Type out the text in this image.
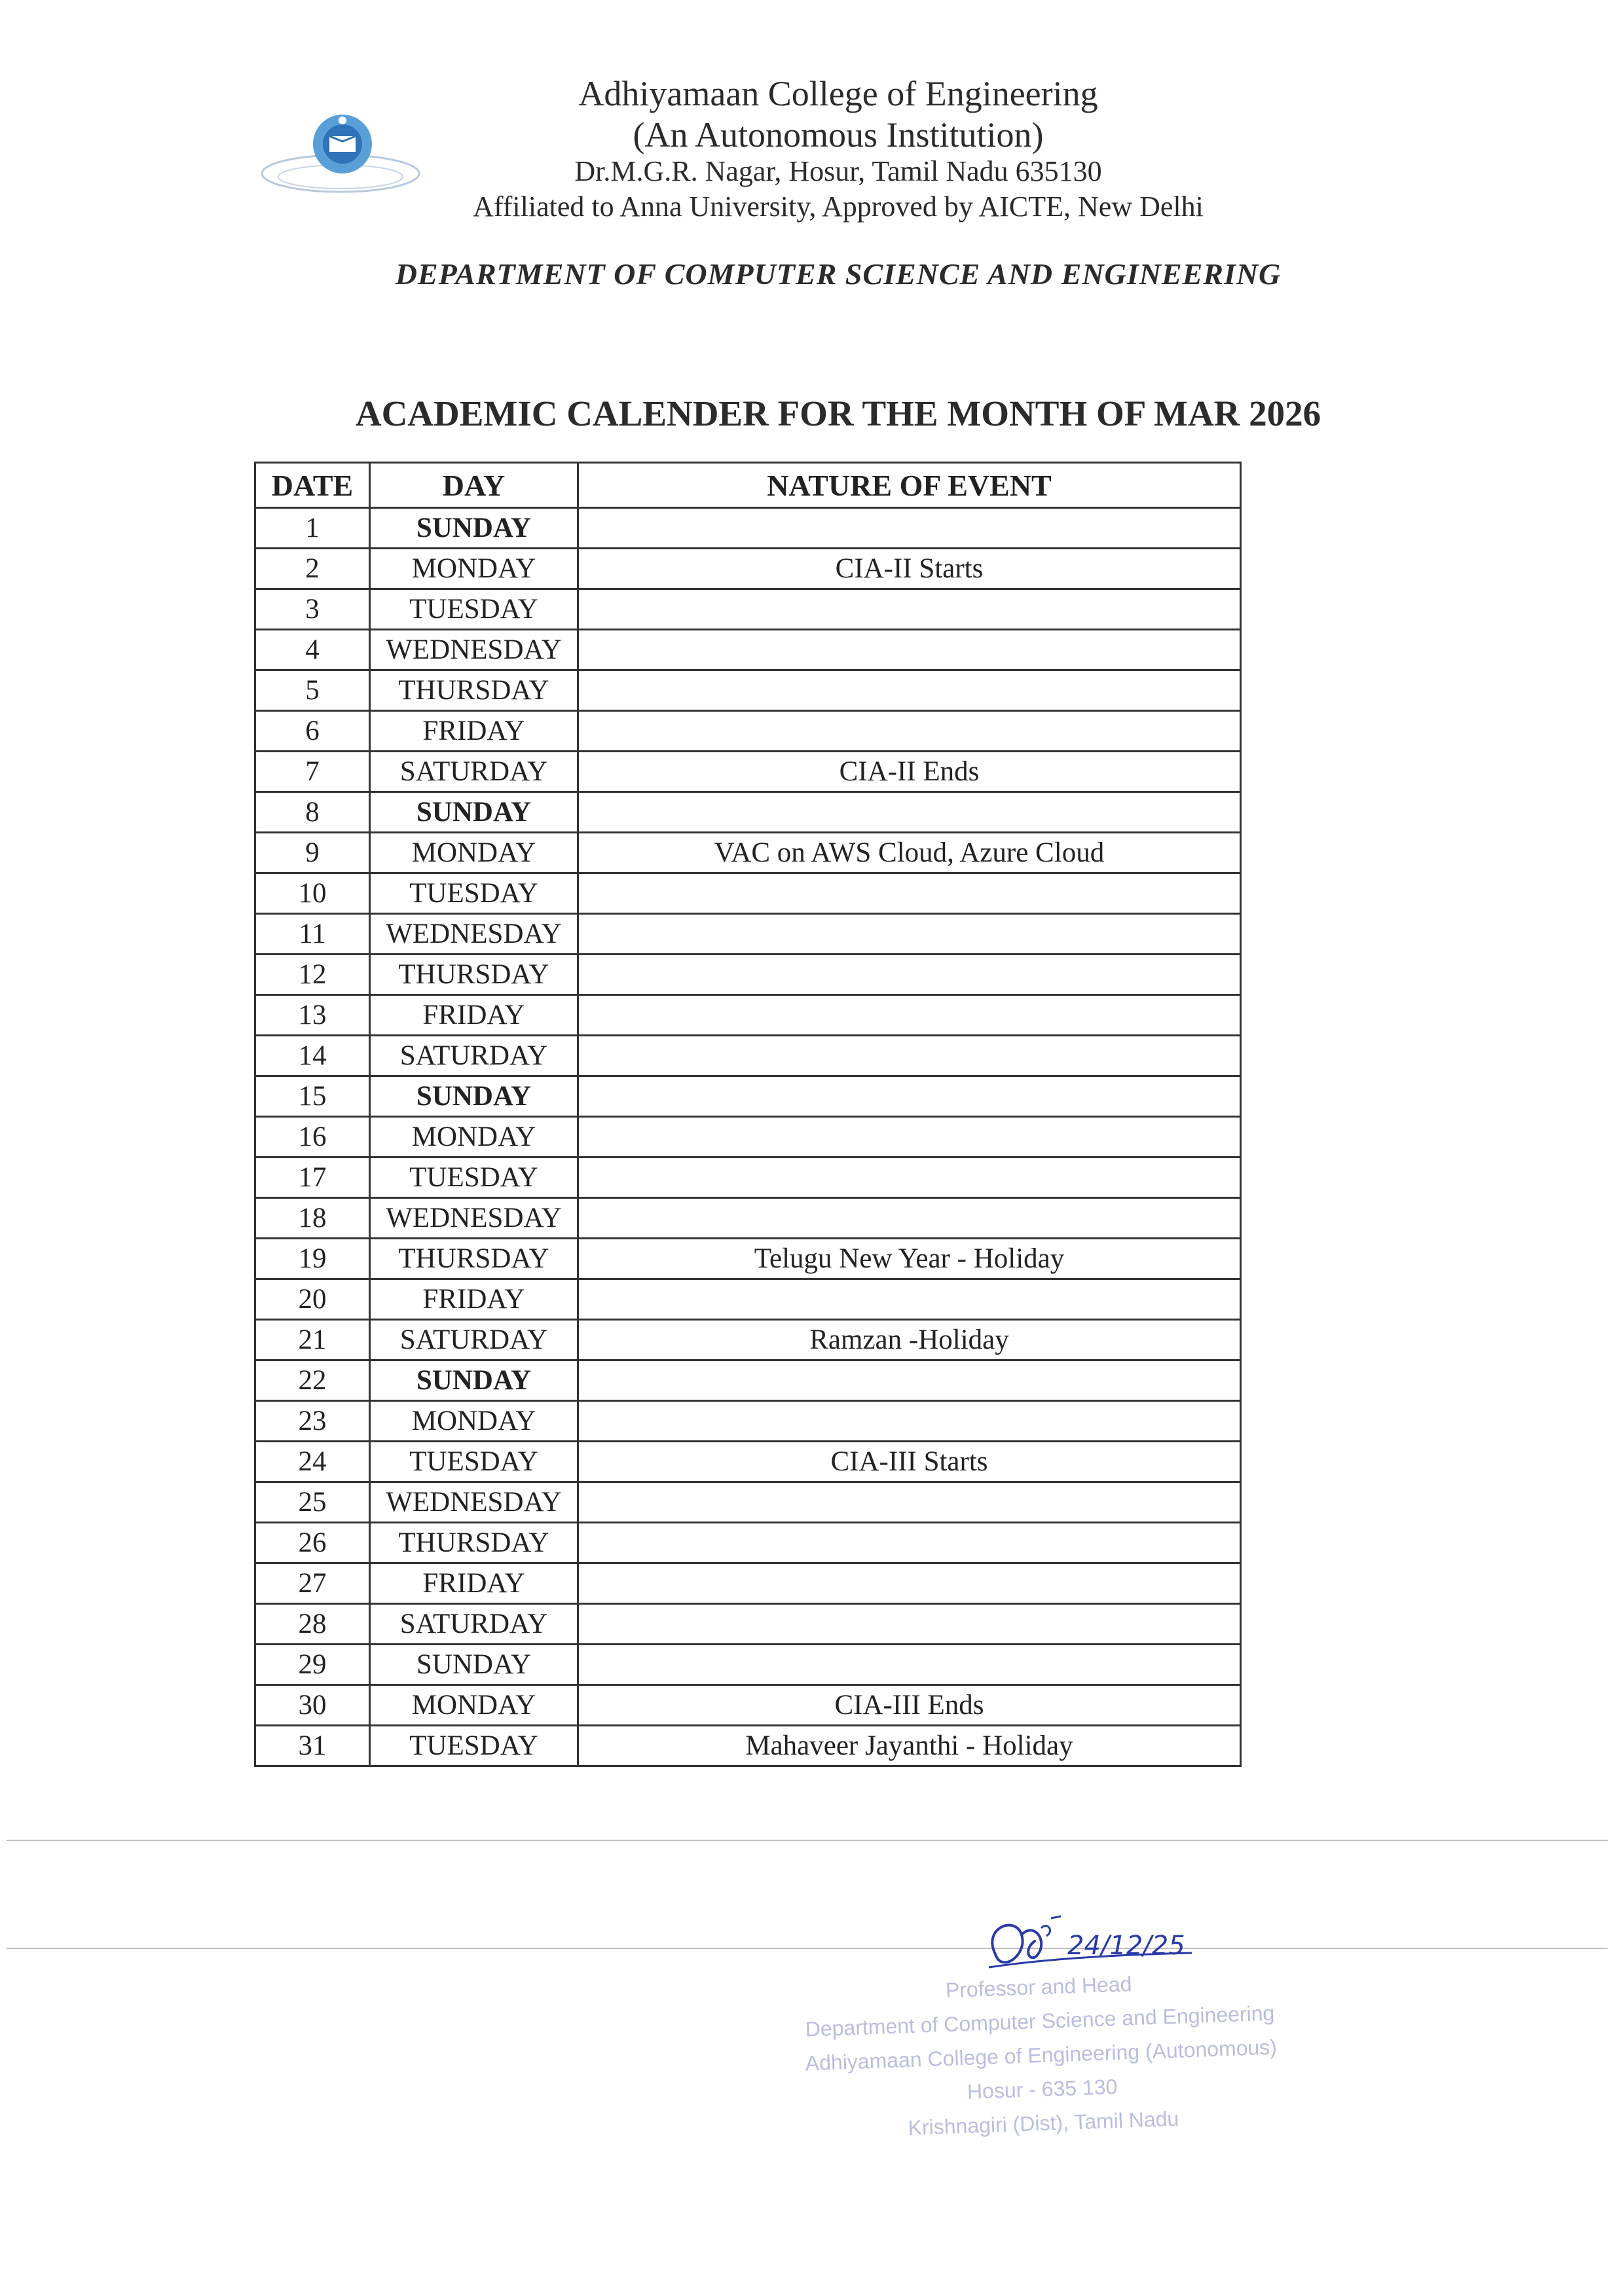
Adhiyamaan College of Engineering
(An Autonomous Institution)
Dr.M.G.R. Nagar, Hosur, Tamil Nadu 635130
Affiliated to Anna University, Approved by AICTE, New Delhi
DEPARTMENT OF COMPUTER SCIENCE AND ENGINEERING
ACADEMIC CALENDER FOR THE MONTH OF MAR 2026
DATE	DAY	NATURE OF EVENT
1	SUNDAY	
2	MONDAY	CIA-II Starts
3	TUESDAY	
4	WEDNESDAY	
5	THURSDAY	
6	FRIDAY	
7	SATURDAY	CIA-II Ends
8	SUNDAY	
9	MONDAY	VAC on AWS Cloud, Azure Cloud
10	TUESDAY	
11	WEDNESDAY	
12	THURSDAY	
13	FRIDAY	
14	SATURDAY	
15	SUNDAY	
16	MONDAY	
17	TUESDAY	
18	WEDNESDAY	
19	THURSDAY	Telugu New Year - Holiday
20	FRIDAY	
21	SATURDAY	Ramzan -Holiday
22	SUNDAY	
23	MONDAY	
24	TUESDAY	CIA-III Starts
25	WEDNESDAY	
26	THURSDAY	
27	FRIDAY	
28	SATURDAY	
29	SUNDAY	
30	MONDAY	CIA-III Ends
31	TUESDAY	Mahaveer Jayanthi - Holiday
24/12/25
Professor and Head
Department of Computer Science and Engineering
Adhiyamaan College of Engineering (Autonomous)
Hosur - 635 130
Krishnagiri (Dist), Tamil Nadu
